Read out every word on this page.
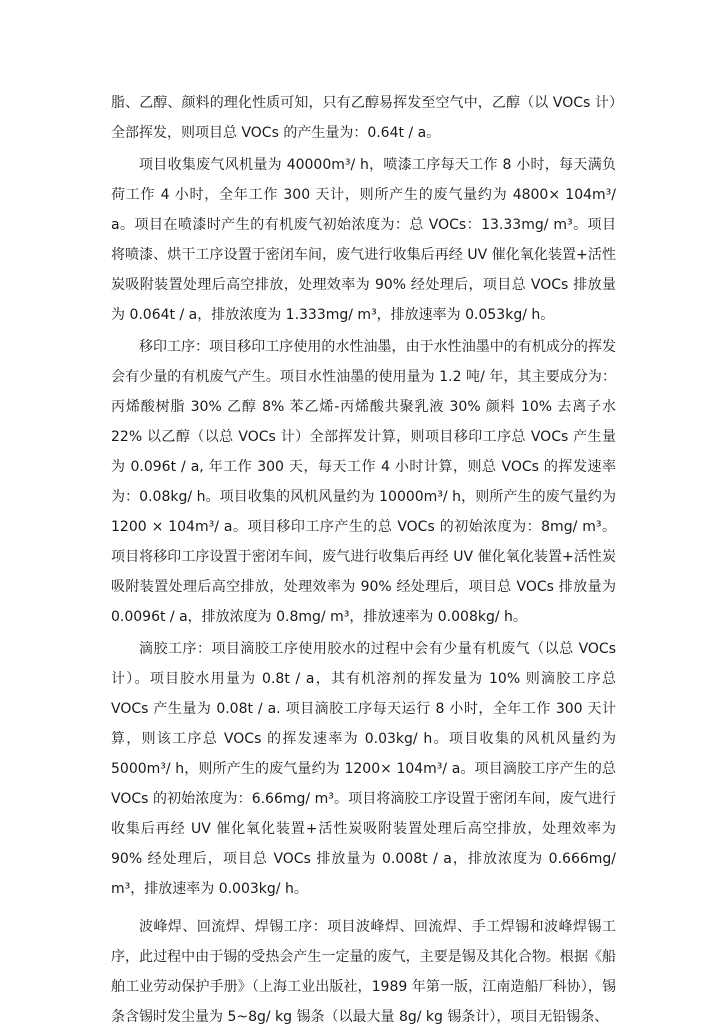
脂、乙醇、颜料的理化性质可知，只有乙醇易挥发至空气中，乙醇（以 VOCs 计）全部挥发，则项目总 VOCs 的产生量为：0.64t / a。

项目收集废气风机量为 40000m³/ h，喷漆工序每天工作 8 小时，每天满负荷工作 4 小时，全年工作 300 天计，则所产生的废气量约为 4800× 104m³/ a。项目在喷漆时产生的有机废气初始浓度为：总 VOCs：13.33mg/ m³。项目将喷漆、烘干工序设置于密闭车间，废气进行收集后再经 UV 催化氧化装置+活性炭吸附装置处理后高空排放，处理效率为 90% 经处理后，项目总 VOCs 排放量为 0.064t / a，排放浓度为 1.333mg/ m³，排放速率为 0.053kg/ h。

移印工序：项目移印工序使用的水性油墨，由于水性油墨中的有机成分的挥发会有少量的有机废气产生。项目水性油墨的使用量为 1.2 吨/ 年，其主要成分为：丙烯酸树脂 30% 乙醇 8% 苯乙烯-丙烯酸共聚乳液 30% 颜料 10% 去离子水 22% 以乙醇（以总 VOCs 计）全部挥发计算，则项目移印工序总 VOCs 产生量为 0.096t / a, 年工作 300 天，每天工作 4 小时计算，则总 VOCs 的挥发速率为：0.08kg/ h。项目收集的风机风量约为 10000m³/ h，则所产生的废气量约为 1200 × 104m³/ a。项目移印工序产生的总 VOCs 的初始浓度为：8mg/ m³。项目将移印工序设置于密闭车间，废气进行收集后再经 UV 催化氧化装置+活性炭吸附装置处理后高空排放，处理效率为 90% 经处理后，项目总 VOCs 排放量为 0.0096t / a，排放浓度为 0.8mg/ m³，排放速率为 0.008kg/ h。

滴胶工序：项目滴胶工序使用胶水的过程中会有少量有机废气（以总 VOCs 计）。项目胶水用量为 0.8t / a，其有机溶剂的挥发量为 10% 则滴胶工序总 VOCs 产生量为 0.08t / a. 项目滴胶工序每天运行 8 小时，全年工作 300 天计算，则该工序总 VOCs 的挥发速率为 0.03kg/ h。项目收集的风机风量约为 5000m³/ h，则所产生的废气量约为 1200× 104m³/ a。项目滴胶工序产生的总 VOCs 的初始浓度为：6.66mg/ m³。项目将滴胶工序设置于密闭车间，废气进行收集后再经 UV 催化氧化装置+活性炭吸附装置处理后高空排放，处理效率为 90% 经处理后，项目总 VOCs 排放量为 0.008t / a，排放浓度为 0.666mg/ m³，排放速率为 0.003kg/ h。

波峰焊、回流焊、焊锡工序：项目波峰焊、回流焊、手工焊锡和波峰焊锡工序，此过程中由于锡的受热会产生一定量的废气，主要是锡及其化合物。根据《船舶工业劳动保护手册》（上海工业出版社，1989 年第一版，江南造船厂科协），锡条含锡时发尘量为 5~8g/ kg 锡条（以最大量 8g/ kg 锡条计），项目无铅锡条、
